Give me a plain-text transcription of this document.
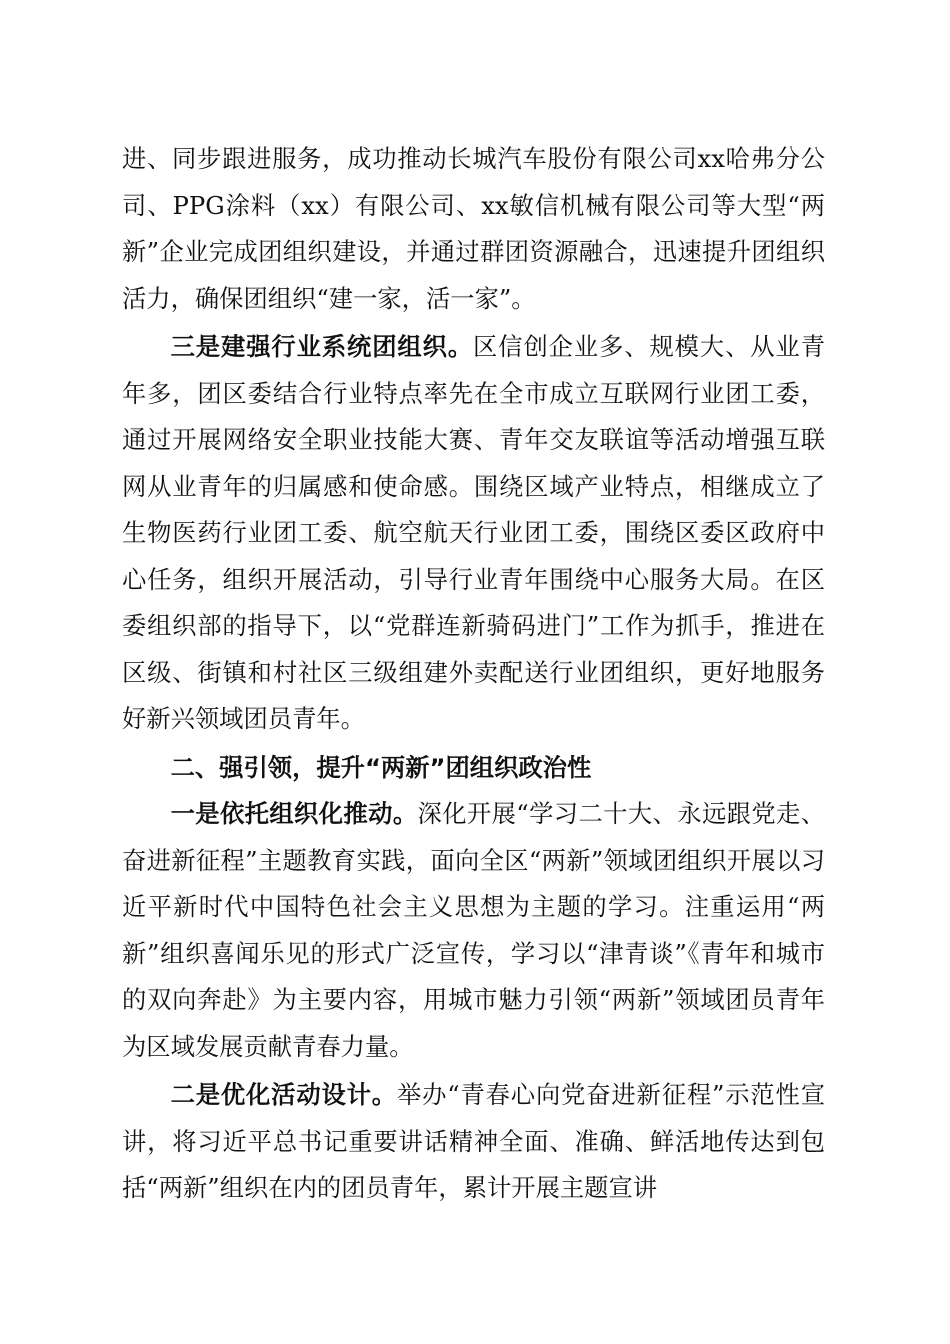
进、同步跟进服务，成功推动长城汽车股份有限公司xx哈弗分公司、PPG涂料（xx）有限公司、xx敏信机械有限公司等大型“两新”企业完成团组织建设，并通过群团资源融合，迅速提升团组织活力，确保团组织“建一家，活一家”。

三是建强行业系统团组织。区信创企业多、规模大、从业青年多，团区委结合行业特点率先在全市成立互联网行业团工委，通过开展网络安全职业技能大赛、青年交友联谊等活动增强互联网从业青年的归属感和使命感。围绕区域产业特点，相继成立了生物医药行业团工委、航空航天行业团工委，围绕区委区政府中心任务，组织开展活动，引导行业青年围绕中心服务大局。在区委组织部的指导下，以“党群连新骑码进门”工作为抓手，推进在区级、街镇和村社区三级组建外卖配送行业团组织，更好地服务好新兴领域团员青年。

二、强引领，提升“两新”团组织政治性

一是依托组织化推动。深化开展“学习二十大、永远跟党走、奋进新征程”主题教育实践，面向全区“两新”领域团组织开展以习近平新时代中国特色社会主义思想为主题的学习。注重运用“两新”组织喜闻乐见的形式广泛宣传，学习以“津青谈”《青年和城市的双向奔赴》为主要内容，用城市魅力引领“两新”领域团员青年为区域发展贡献青春力量。

二是优化活动设计。举办“青春心向党奋进新征程”示范性宣讲，将习近平总书记重要讲话精神全面、准确、鲜活地传达到包括“两新”组织在内的团员青年，累计开展主题宣讲
